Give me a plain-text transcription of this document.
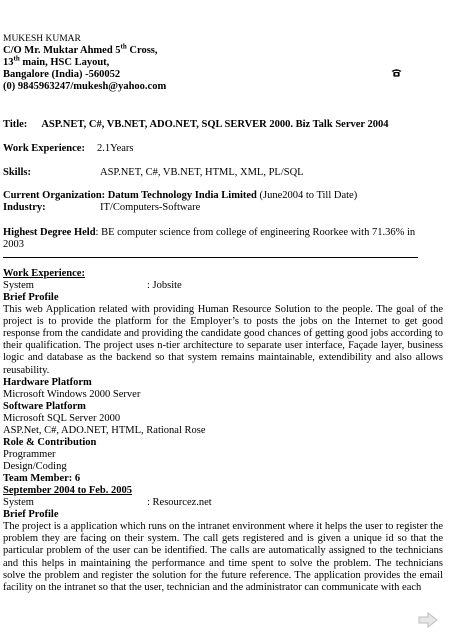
MUKESH KUMAR
C/O Mr. Muktar Ahmed 5th Cross,
13th main, HSC Layout,
Bangalore (India) -560052
(0) 9845963247/mukesh@yahoo.com
Title: ASP.NET, C#, VB.NET, ADO.NET, SQL SERVER 2000. Biz Talk Server 2004
Work Experience: 2.1Years
Skills:	ASP.NET, C#, VB.NET, HTML, XML, PL/SQL
Current Organization: Datum Technology India Limited (June2004 to Till Date)
Industry:	IT/Computers-Software
Highest Degree Held: BE computer science from college of engineering Roorkee with 71.36% in 2003
Work Experience:
System	: Jobsite
Brief Profile
This web Application related with providing Human Resource Solution to the people. The goal of the project is to provide the platform for the Employer’s to posts the jobs on the Internet to get good response from the candidate and providing the candidate good chances of getting good jobs according to their qualification. The project uses n-tier architecture to separate user interface, Façade layer, business logic and database as the backend so that system remains maintainable, extendibility and also allows reusability.
Hardware Platform
Microsoft Windows 2000 Server
Software Platform
Microsoft SQL Server 2000
ASP.Net, C#, ADO.NET, HTML, Rational Rose
Role & Contribution
Programmer
Design/Coding
Team Member: 6
September 2004 to Feb. 2005
System	: Resourcez.net
Brief Profile
The project is a application which runs on the intranet environment where it helps the user to register the problem they are facing on their system. The call gets registered and is given a unique id so that the particular problem of the user can be identified. The calls are automatically assigned to the technicians and this helps in maintaining the performance and time spent to solve the problem. The technicians solve the problem and register the solution for the future reference. The application provides the email facility on the intranet so that the user, technician and the administrator can communicate with each
